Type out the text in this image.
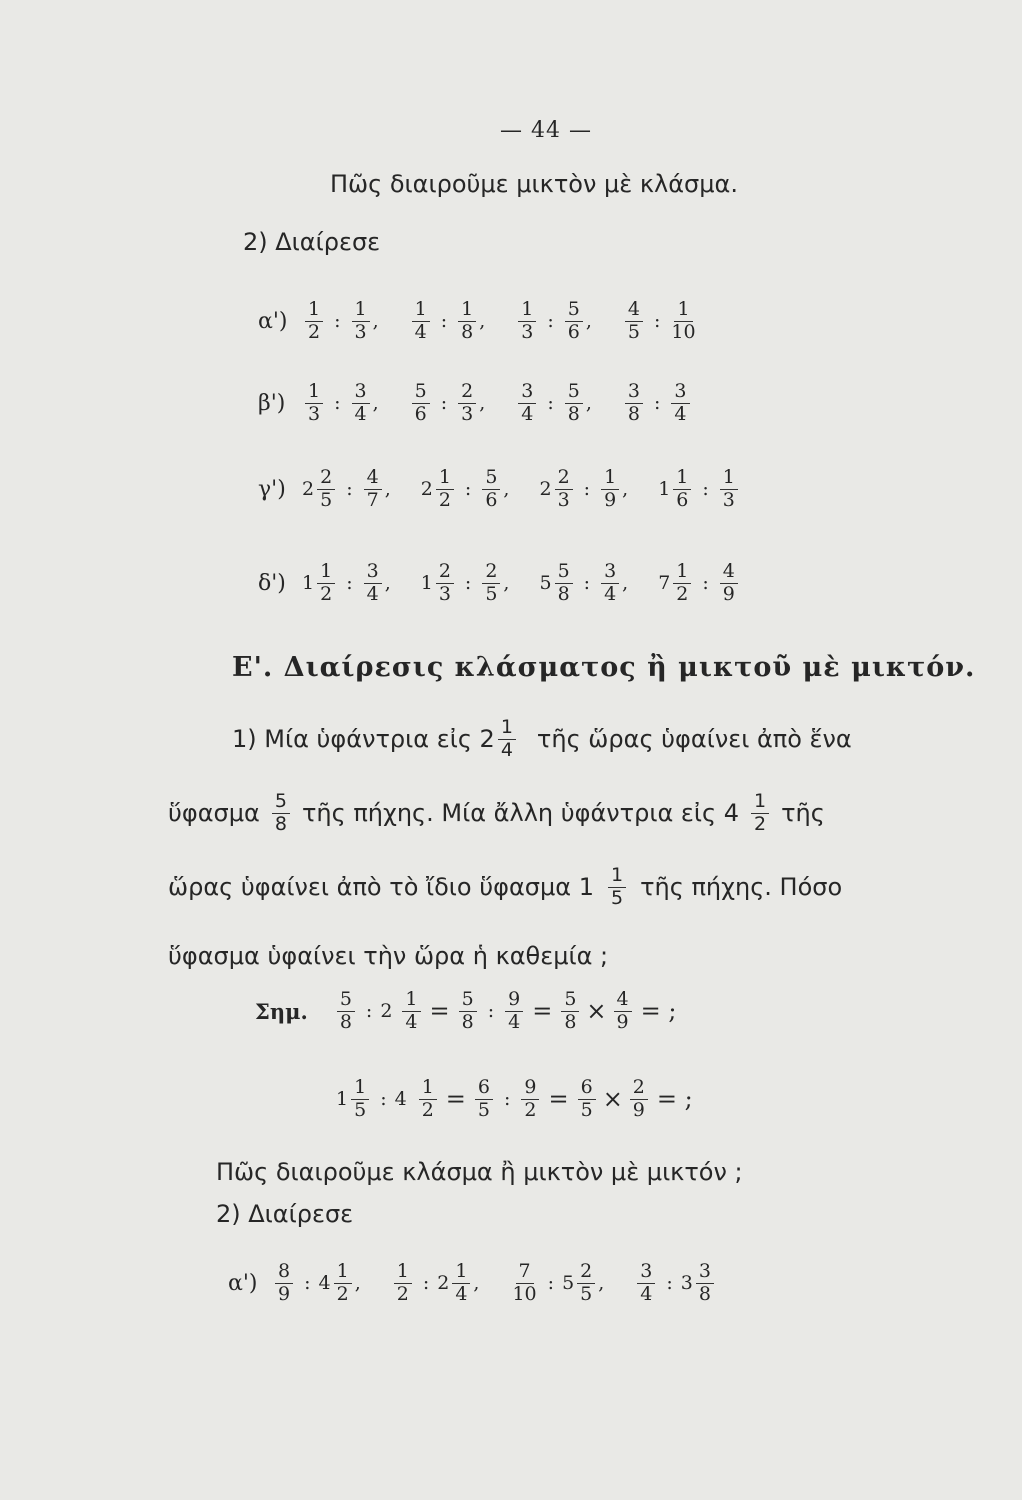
— 44 —
Πῶς διαιροῦμε μικτὸν μὲ κλάσμα.
2) Διαίρεσε
$\alpha') \frac{1}{2}$ : $\frac{1}{3}$ , $\frac{1}{4}$ : $\frac{1}{8}$ , $\frac{1}{3}$ : $\frac{5}{6}$ , $\frac{4}{5}$ : $\frac{1}{10}$
β')	$\frac{1}{3}$ : $\frac{3}{4}$ , $\frac{5}{6}$ : $\frac{2}{3}$ , $\frac{3}{4}$ : $\frac{5}{8}$ , $\frac{3}{8}$ : $\frac{3}{4}$
γ') $2 \frac{2}{5}$ : $\frac{4}{7}$ , $2 \frac{1}{2}$ : $\frac{5}{6}$ , $2 \frac{2}{3}$ : $\frac{1}{9}$ , $1 \frac{1}{6}$ : $\frac{1}{3}$
δ') $1 \frac{1}{2}$ : $\frac{3}{4}$ , $1 \frac{2}{3}$ : $\frac{2}{5}$ , $5 \frac{5}{8}$ : $\frac{3}{4}$ , $7 \frac{1}{2}$ : $\frac{4}{9}$
Ε'. Διαίρεσις κλάσματος ἢ μικτοῦ μὲ μικτόν.
1) Μία ὑφάντρια εἰς $2 \frac{1}{4}$ τῆς ὥρας ὑφαίνει ἀπὸ ἕνα
ὕφασμα $\frac{5}{8}$ τῆς πήχης. Μία ἄλλη ὑφάντρια εἰς $4 \frac{1}{2}$ τῆς
ὥρας ὑφαίνει ἀπὸ τὸ ἴδιο ὕφασμα $1 \frac{1}{5}$ τῆς πήχης. Πόσο
ὕφασμα ὑφαίνει τὴν ὥρα ἡ καθεμία ;
Σημ. $\frac{5}{8}$ : $2 \frac{1}{4} = \frac{5}{8}$ : $\frac{9}{4} = \frac{5}{8} \times \frac{4}{9}$ = ;
$1 \frac{1}{5}$ : $4 \frac{1}{2} = \frac{6}{5}$ : $\frac{9}{2} = \frac{6}{5} \times \frac{2}{9}$ = ;
Πῶς διαιροῦμε κλάσμα ἢ μικτὸν μὲ μικτόν ;
2) Διαίρεσε
$\alpha') \frac{8}{9}$ : $4 \frac{1}{2}$ , $\frac{1}{2}$ : $2 \frac{1}{4}$ , $\frac{7}{10}$ : $5 \frac{2}{5}$ , $\frac{3}{4}$ : $3 \frac{3}{8}$
